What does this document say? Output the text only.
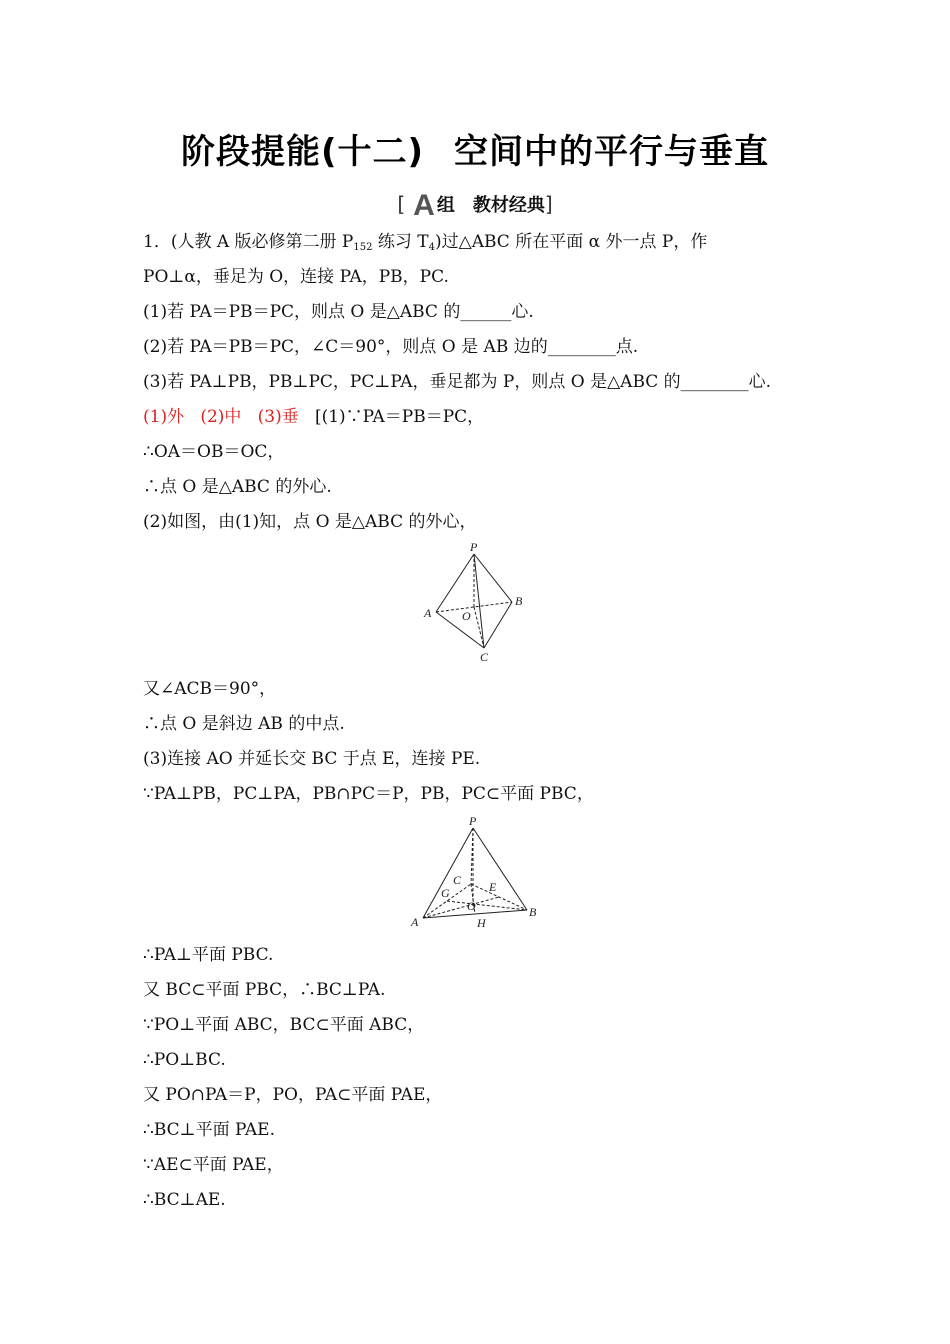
阶段提能(十二) 空间中的平行与垂直
[ A 组 教材经典]
1．(人教 A 版必修第二册 $P_{152}$ 练习 $T_4$)过△ABC 所在平面 α 外一点 P，作
PO⊥α，垂足为 O，连接 PA，PB，PC.
(1)若 PA＝PB＝PC，则点 O 是△ABC 的______心.
(2)若 PA＝PB＝PC，∠C＝90°，则点 O 是 AB 边的________点.
(3)若 PA⊥PB，PB⊥PC，PC⊥PA，垂足都为 P，则点 O 是△ABC 的________心.
(1)外 (2)中 (3)垂 [(1)∵PA＝PB＝PC，
∴OA＝OB＝OC，
∴点 O 是△ABC 的外心.
(2)如图，由(1)知，点 O 是△ABC 的外心，
P
A
B
C
O
又∠ACB＝90°，
∴点 O 是斜边 AB 的中点.
(3)连接 AO 并延长交 BC 于点 E，连接 PE.
∵PA⊥PB，PC⊥PA，PB∩PC＝P，PB，PC⊂平面 PBC，
P
A
B
C
O
G	E
H
∴PA⊥平面 PBC.
又 BC⊂平面 PBC，∴BC⊥PA.
∵PO⊥平面 ABC，BC⊂平面 ABC，
∴PO⊥BC.
又 PO∩PA＝P，PO，PA⊂平面 PAE，
∴BC⊥平面 PAE.
∵AE⊂平面 PAE，
∴BC⊥AE.
